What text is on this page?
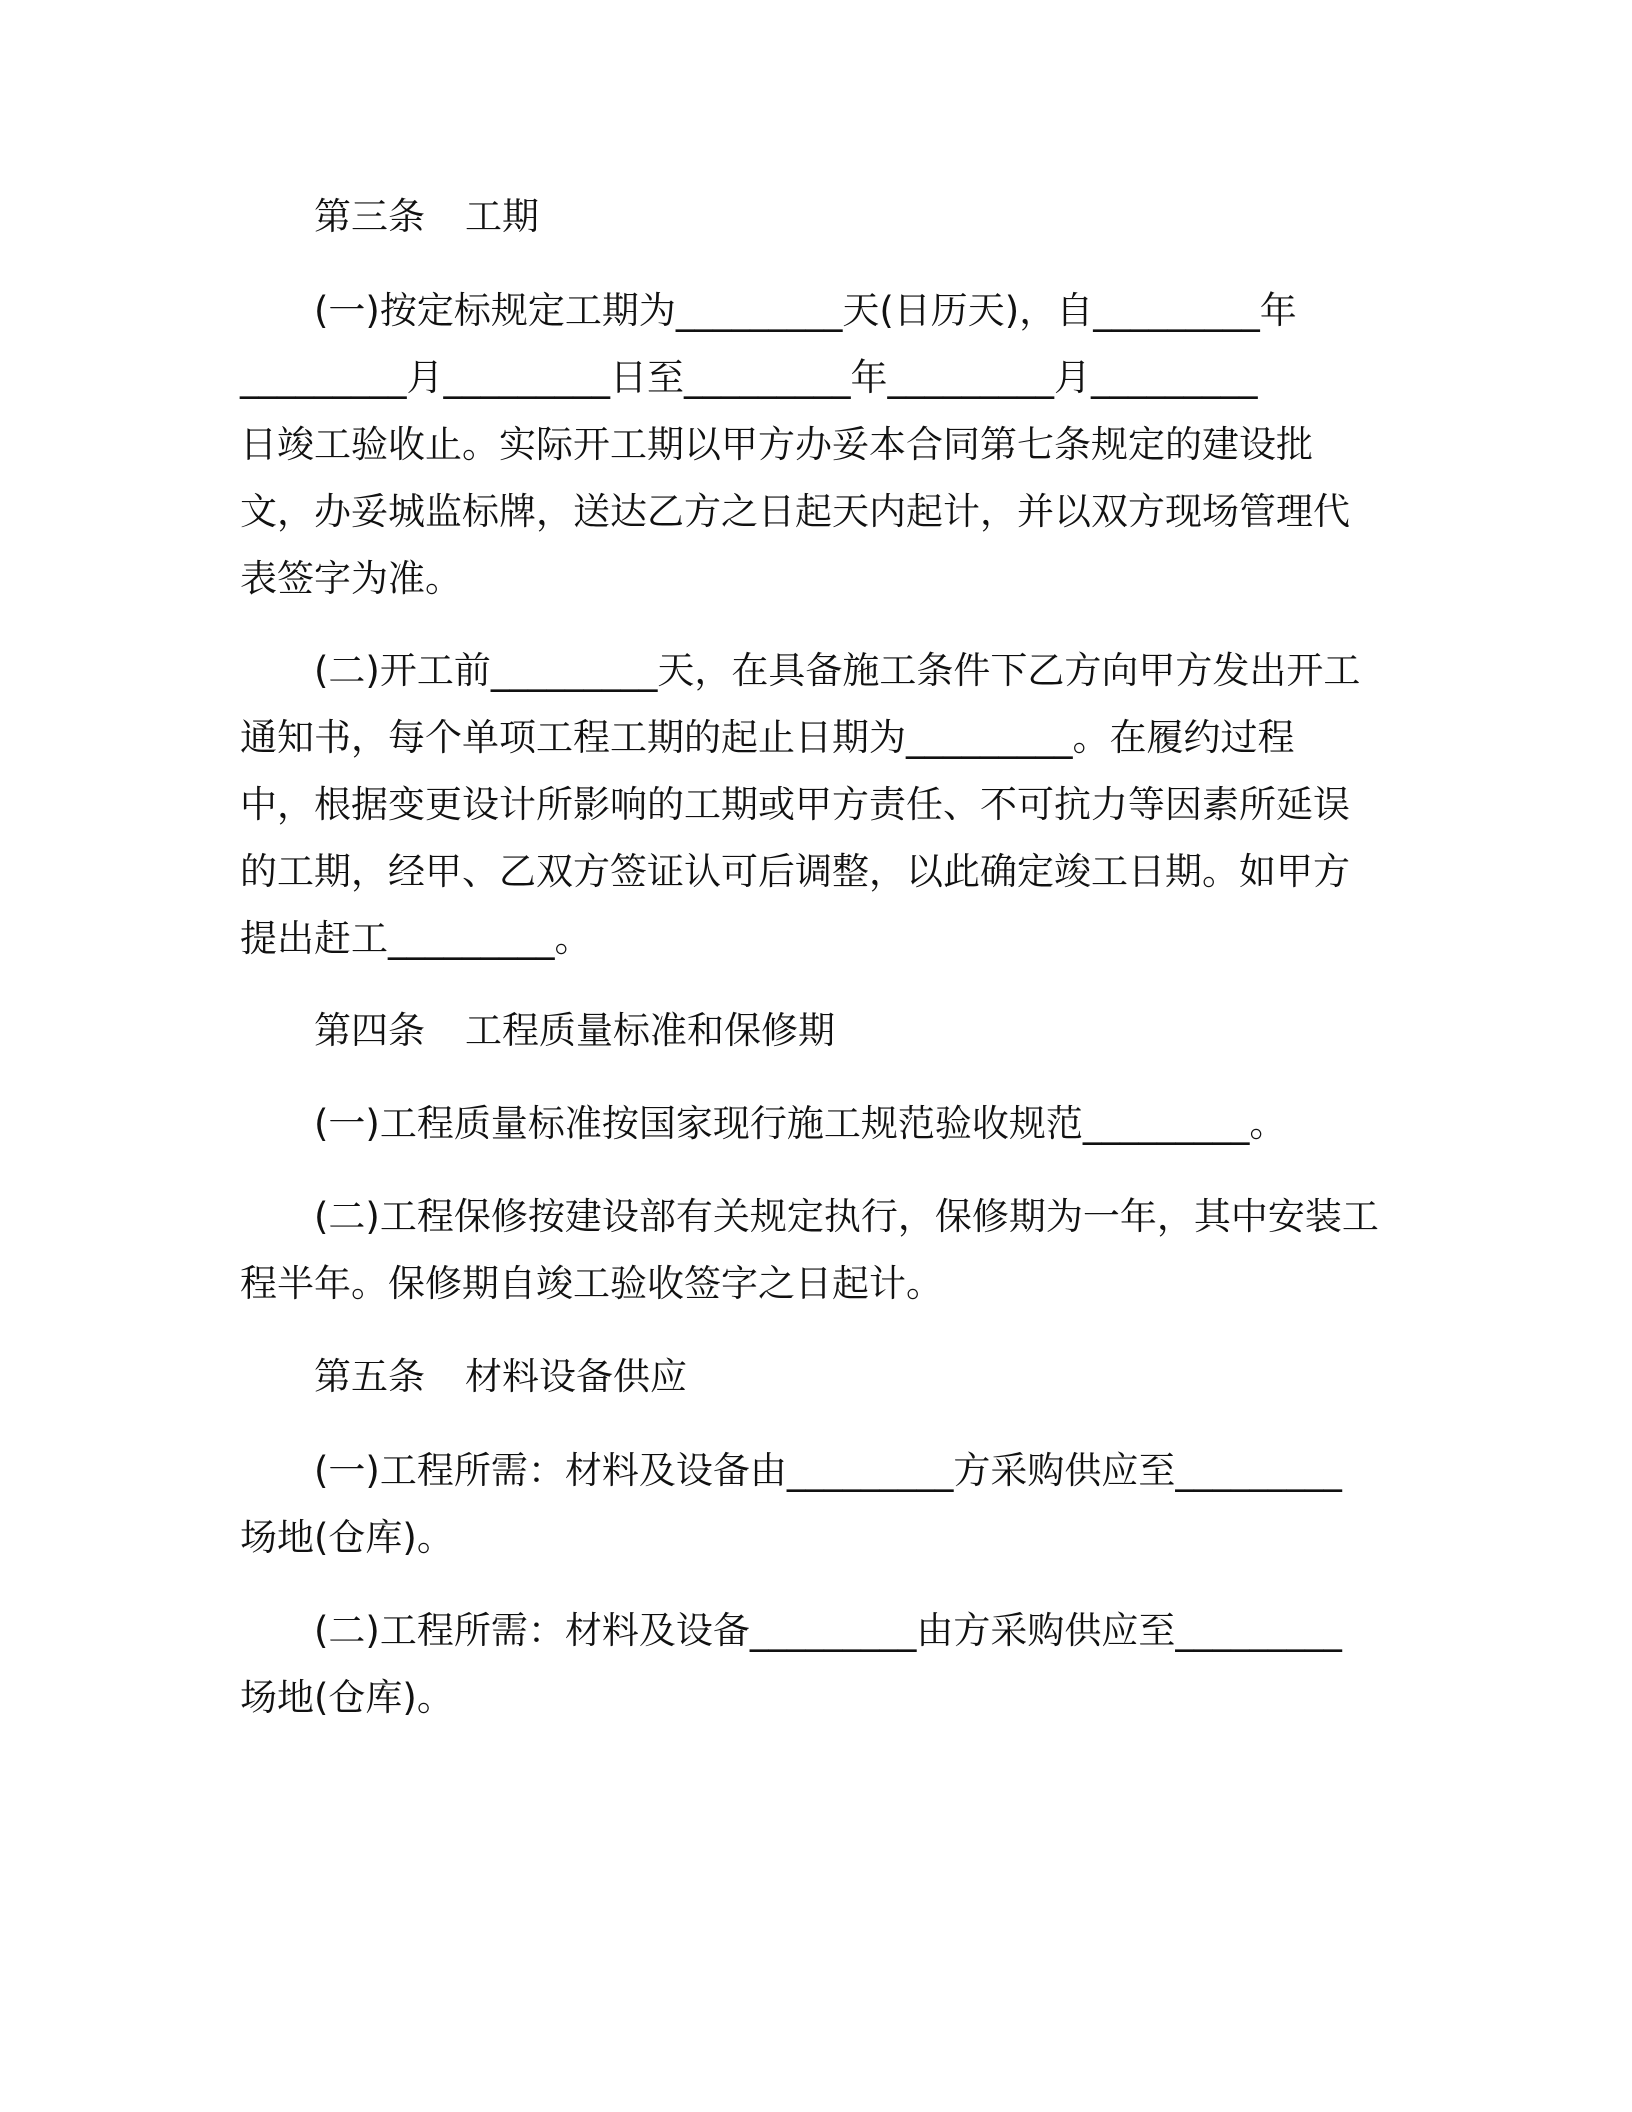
第三条 工期

(一)按定标规定工期为_________天(日历天)，自_________年
_________月_________日至_________年_________月_________
日竣工验收止。实际开工期以甲方办妥本合同第七条规定的建设批
文，办妥城监标牌，送达乙方之日起天内起计，并以双方现场管理代
表签字为准。

(二)开工前_________天，在具备施工条件下乙方向甲方发出开工
通知书，每个单项工程工期的起止日期为_________。在履约过程
中，根据变更设计所影响的工期或甲方责任、不可抗力等因素所延误
的工期，经甲、乙双方签证认可后调整，以此确定竣工日期。如甲方
提出赶工_________。

第四条 工程质量标准和保修期

(一)工程质量标准按国家现行施工规范验收规范_________。

(二)工程保修按建设部有关规定执行，保修期为一年，其中安装工
程半年。保修期自竣工验收签字之日起计。

第五条 材料设备供应

(一)工程所需：材料及设备由_________方采购供应至_________
场地(仓库)。

(二)工程所需：材料及设备_________由方采购供应至_________
场地(仓库)。
